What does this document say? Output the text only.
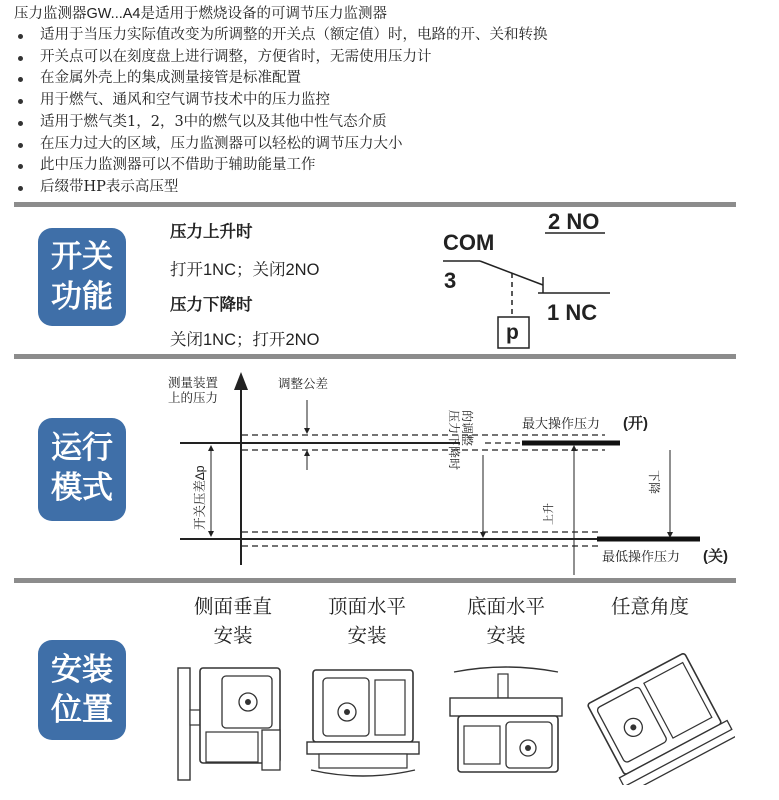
压力监测器GW...A4是适用于燃烧设备的可调节压力监测器
适用于当压力实际值改变为所调整的开关点（额定值）时，电路的开、关和转换
开关点可以在刻度盘上进行调整，方便省时，无需使用压力计
在金属外壳上的集成测量接管是标准配置
用于燃气、通风和空气调节技术中的压力监控
适用于燃气类1，2，3中的燃气以及其他中性气态介质
在压力过大的区域，压力监测器可以轻松的调节压力大小
此中压力监测器可以不借助于辅助能量工作
后缀带HP表示高压型
开关
功能
压力上升时
打开1NC；关闭2NO
压力下降时
关闭1NC；打开2NO
2 NO
COM
3
1 NC
p
运行
模式
测量装置
上的压力
最大操作压力 (开)
最低操作压力 (关)
调整公差
开关压差∆p
压力下降时 的调整
上升
下降
安装
位置
侧面垂直
安装
顶面水平
安装
底面水平
安装
任意角度
